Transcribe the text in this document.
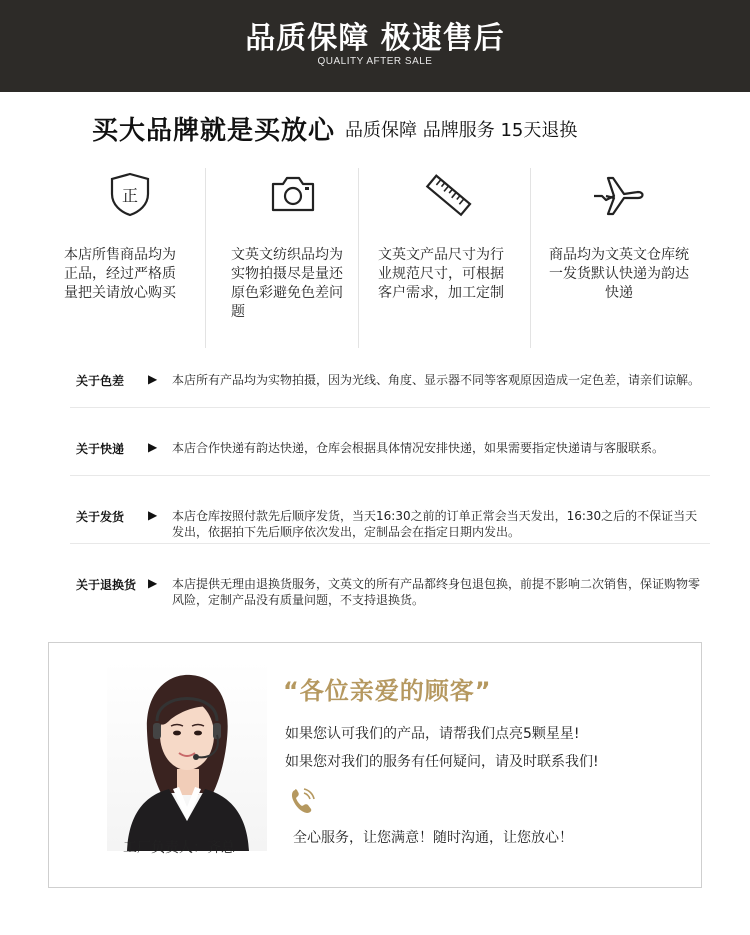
品质保障 极速售后
QUALITY AFTER SALE
买大品牌就是买放心 品质保障 品牌服务 15天退换
正
本店所售商品均为正品，经过严格质量把关请放心购买
文英文纺织品均为实物拍摄尽是量还原色彩避免色差问题
文英文产品尺寸为行业规范尺寸，可根据客户需求，加工定制
商品均为文英文仓库统一发货默认快递为韵达快递
关于色差 ▶ 本店所有产品均为实物拍摄，因为光线、角度、显示器不同等客观原因造成一定色差，请亲们谅解。
关于快递 ▶ 本店合作快递有韵达快递，仓库会根据具体情况安排快递，如果需要指定快递请与客服联系。
关于发货 ▶ 本店仓库按照付款先后顺序发货，当天16:30之前的订单正常会当天发出，16:30之后的不保证当天发出，依据拍下先后顺序依次发出，定制品会在指定日期内发出。
关于退换货 ▶ 本店提供无理由退换货服务，文英文的所有产品都终身包退包换，前提不影响二次销售，保证购物零风险，定制产品没有质量问题，不支持退换货。
工厂负责人：齐总
“各位亲爱的顾客”
如果您认可我们的产品，请帮我们点亮5颗星星!
如果您对我们的服务有任何疑问，请及时联系我们!
全心服务，让您满意！随时沟通，让您放心！
